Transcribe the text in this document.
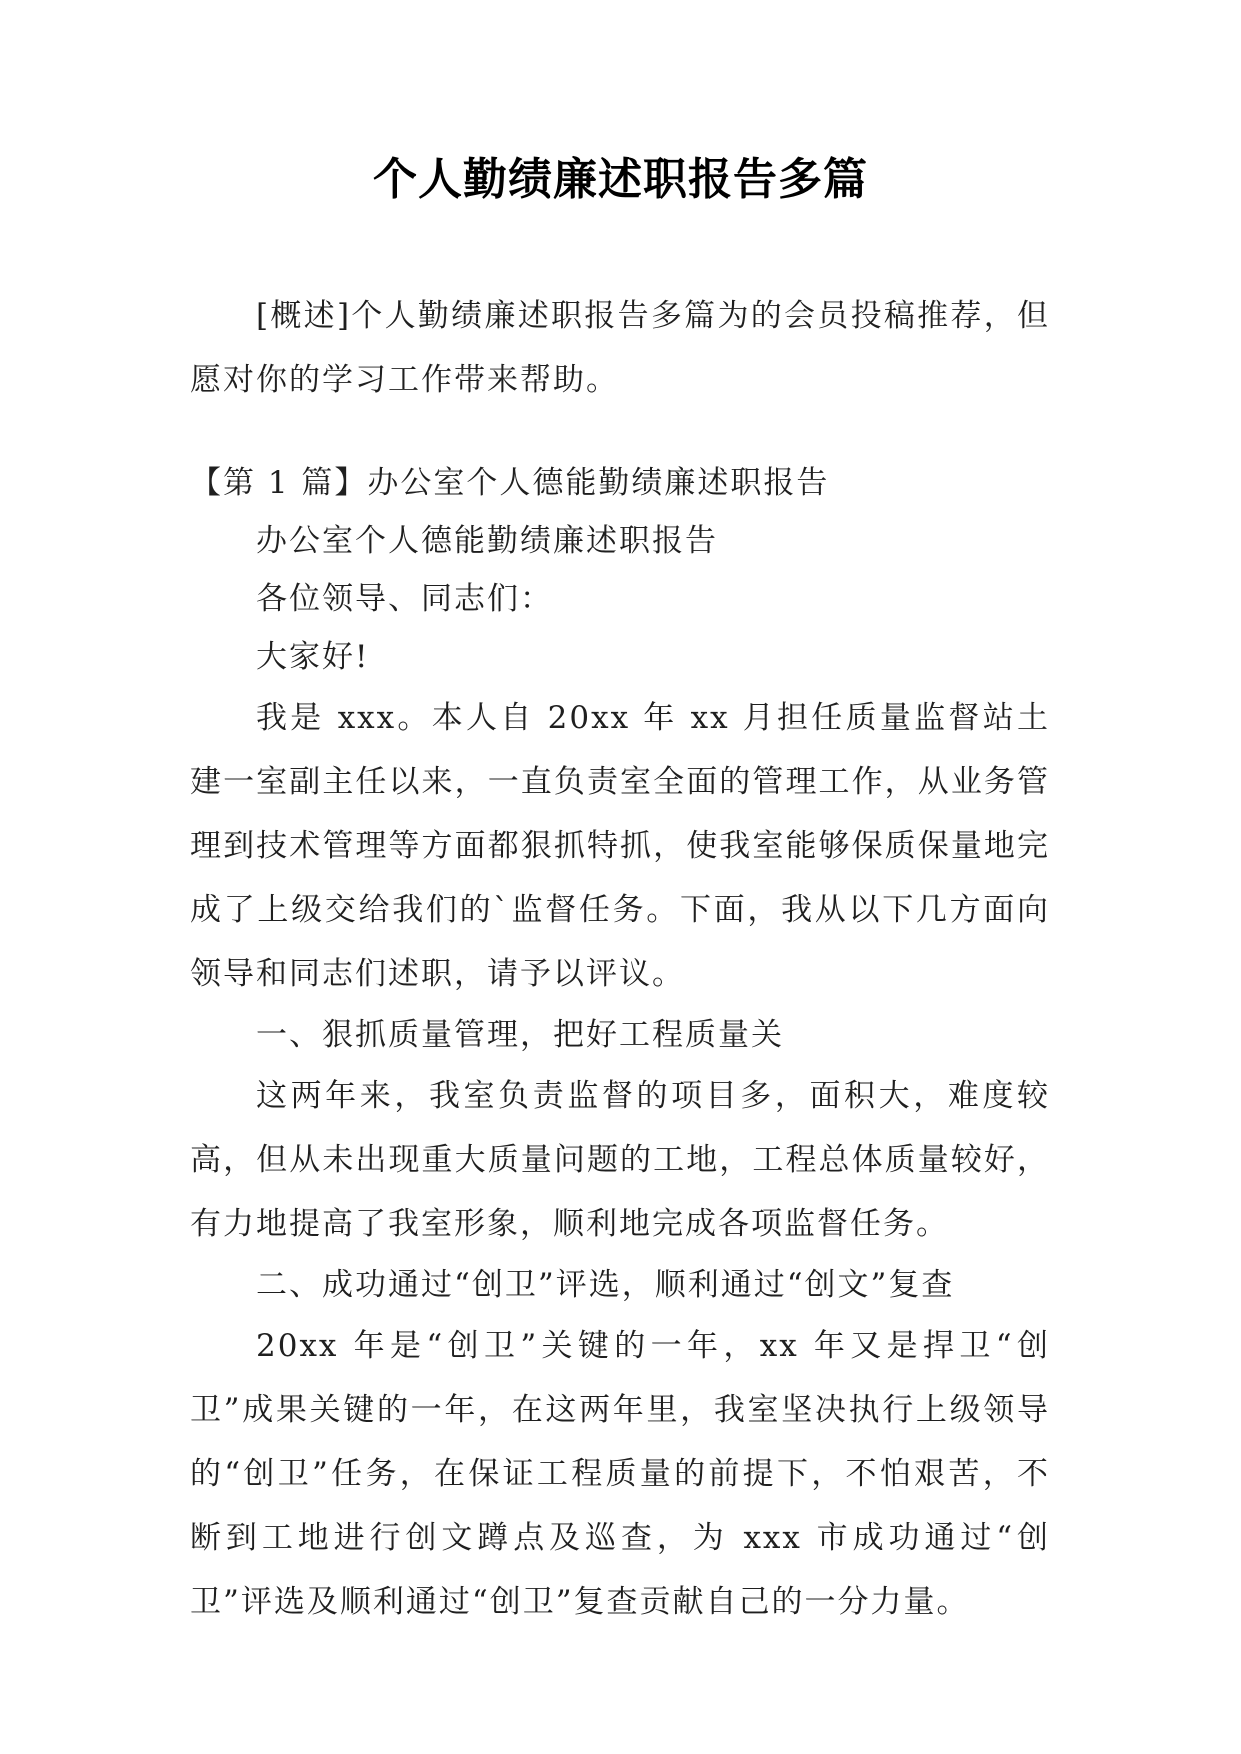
个人勤绩廉述职报告多篇

[概述]个人勤绩廉述职报告多篇为的会员投稿推荐，但愿对你的学习工作带来帮助。

【第 1 篇】办公室个人德能勤绩廉述职报告

办公室个人德能勤绩廉述职报告

各位领导、同志们：

大家好!

我是 xxx。本人自 20xx 年 xx 月担任质量监督站土建一室副主任以来，一直负责室全面的管理工作，从业务管理到技术管理等方面都狠抓特抓，使我室能够保质保量地完成了上级交给我们的`监督任务。下面，我从以下几方面向领导和同志们述职，请予以评议。

一、狠抓质量管理，把好工程质量关

这两年来，我室负责监督的项目多，面积大，难度较高，但从未出现重大质量问题的工地，工程总体质量较好，有力地提高了我室形象，顺利地完成各项监督任务。

二、成功通过“创卫”评选，顺利通过“创文”复查

20xx 年是“创卫”关键的一年，xx 年又是捍卫“创卫”成果关键的一年，在这两年里，我室坚决执行上级领导的“创卫”任务，在保证工程质量的前提下，不怕艰苦，不断到工地进行创文蹲点及巡查，为 xxx 市成功通过“创卫”评选及顺利通过“创卫”复查贡献自己的一分力量。
